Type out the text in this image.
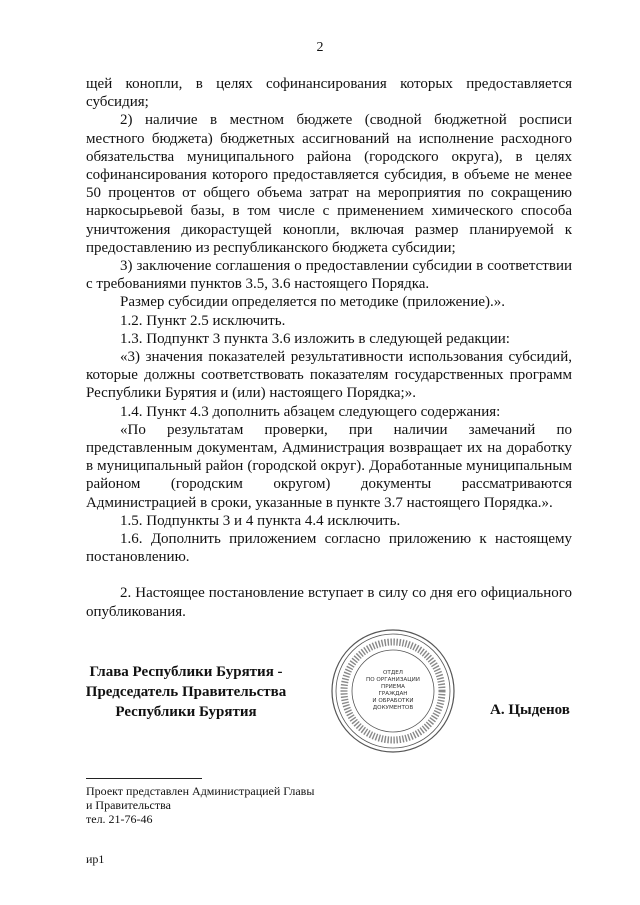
2

щей конопли, в целях софинансирования которых предоставляется субсидия;

2) наличие в местном бюджете (сводной бюджетной росписи местного бюджета) бюджетных ассигнований на исполнение расходного обязательства муниципального района (городского округа), в целях софинансирования которого предоставляется субсидия, в объеме не менее 50 процентов от общего объема затрат на мероприятия по сокращению наркосырьевой базы, в том числе с применением химического способа уничтожения дикорастущей конопли, включая размер планируемой к предоставлению из республиканского бюджета субсидии;

3) заключение соглашения о предоставлении субсидии в соответствии с требованиями пунктов 3.5, 3.6 настоящего Порядка.

Размер субсидии определяется по методике (приложение).».

1.2. Пункт 2.5 исключить.

1.3. Подпункт 3 пункта 3.6 изложить в следующей редакции:

«3) значения показателей результативности использования субсидий, которые должны соответствовать показателям государственных программ Республики Бурятия и (или) настоящего Порядка;».

1.4. Пункт 4.3 дополнить абзацем следующего содержания:

«По результатам проверки, при наличии замечаний по представленным документам, Администрация возвращает их на доработку в муниципальный район (городской округ). Доработанные муниципальным районом (городским округом) документы рассматриваются Администрацией в сроки, указанные в пункте 3.7 настоящего Порядка.».

1.5. Подпункты 3 и 4 пункта 4.4 исключить.

1.6. Дополнить приложением согласно приложению к настоящему постановлению.

2. Настоящее постановление вступает в силу со дня его официального опубликования.

Глава Республики Бурятия -
Председатель Правительства
Республики Бурятия
ОТДЕЛ
ПО ОРГАНИЗАЦИИ
ПРИЕМА
ГРАЖДАН
И ОБРАБОТКИ
ДОКУМЕНТОВ	А. Цыденов
Проект представлен Администрацией Главы
и Правительства
тел. 21-76-46
ир1
